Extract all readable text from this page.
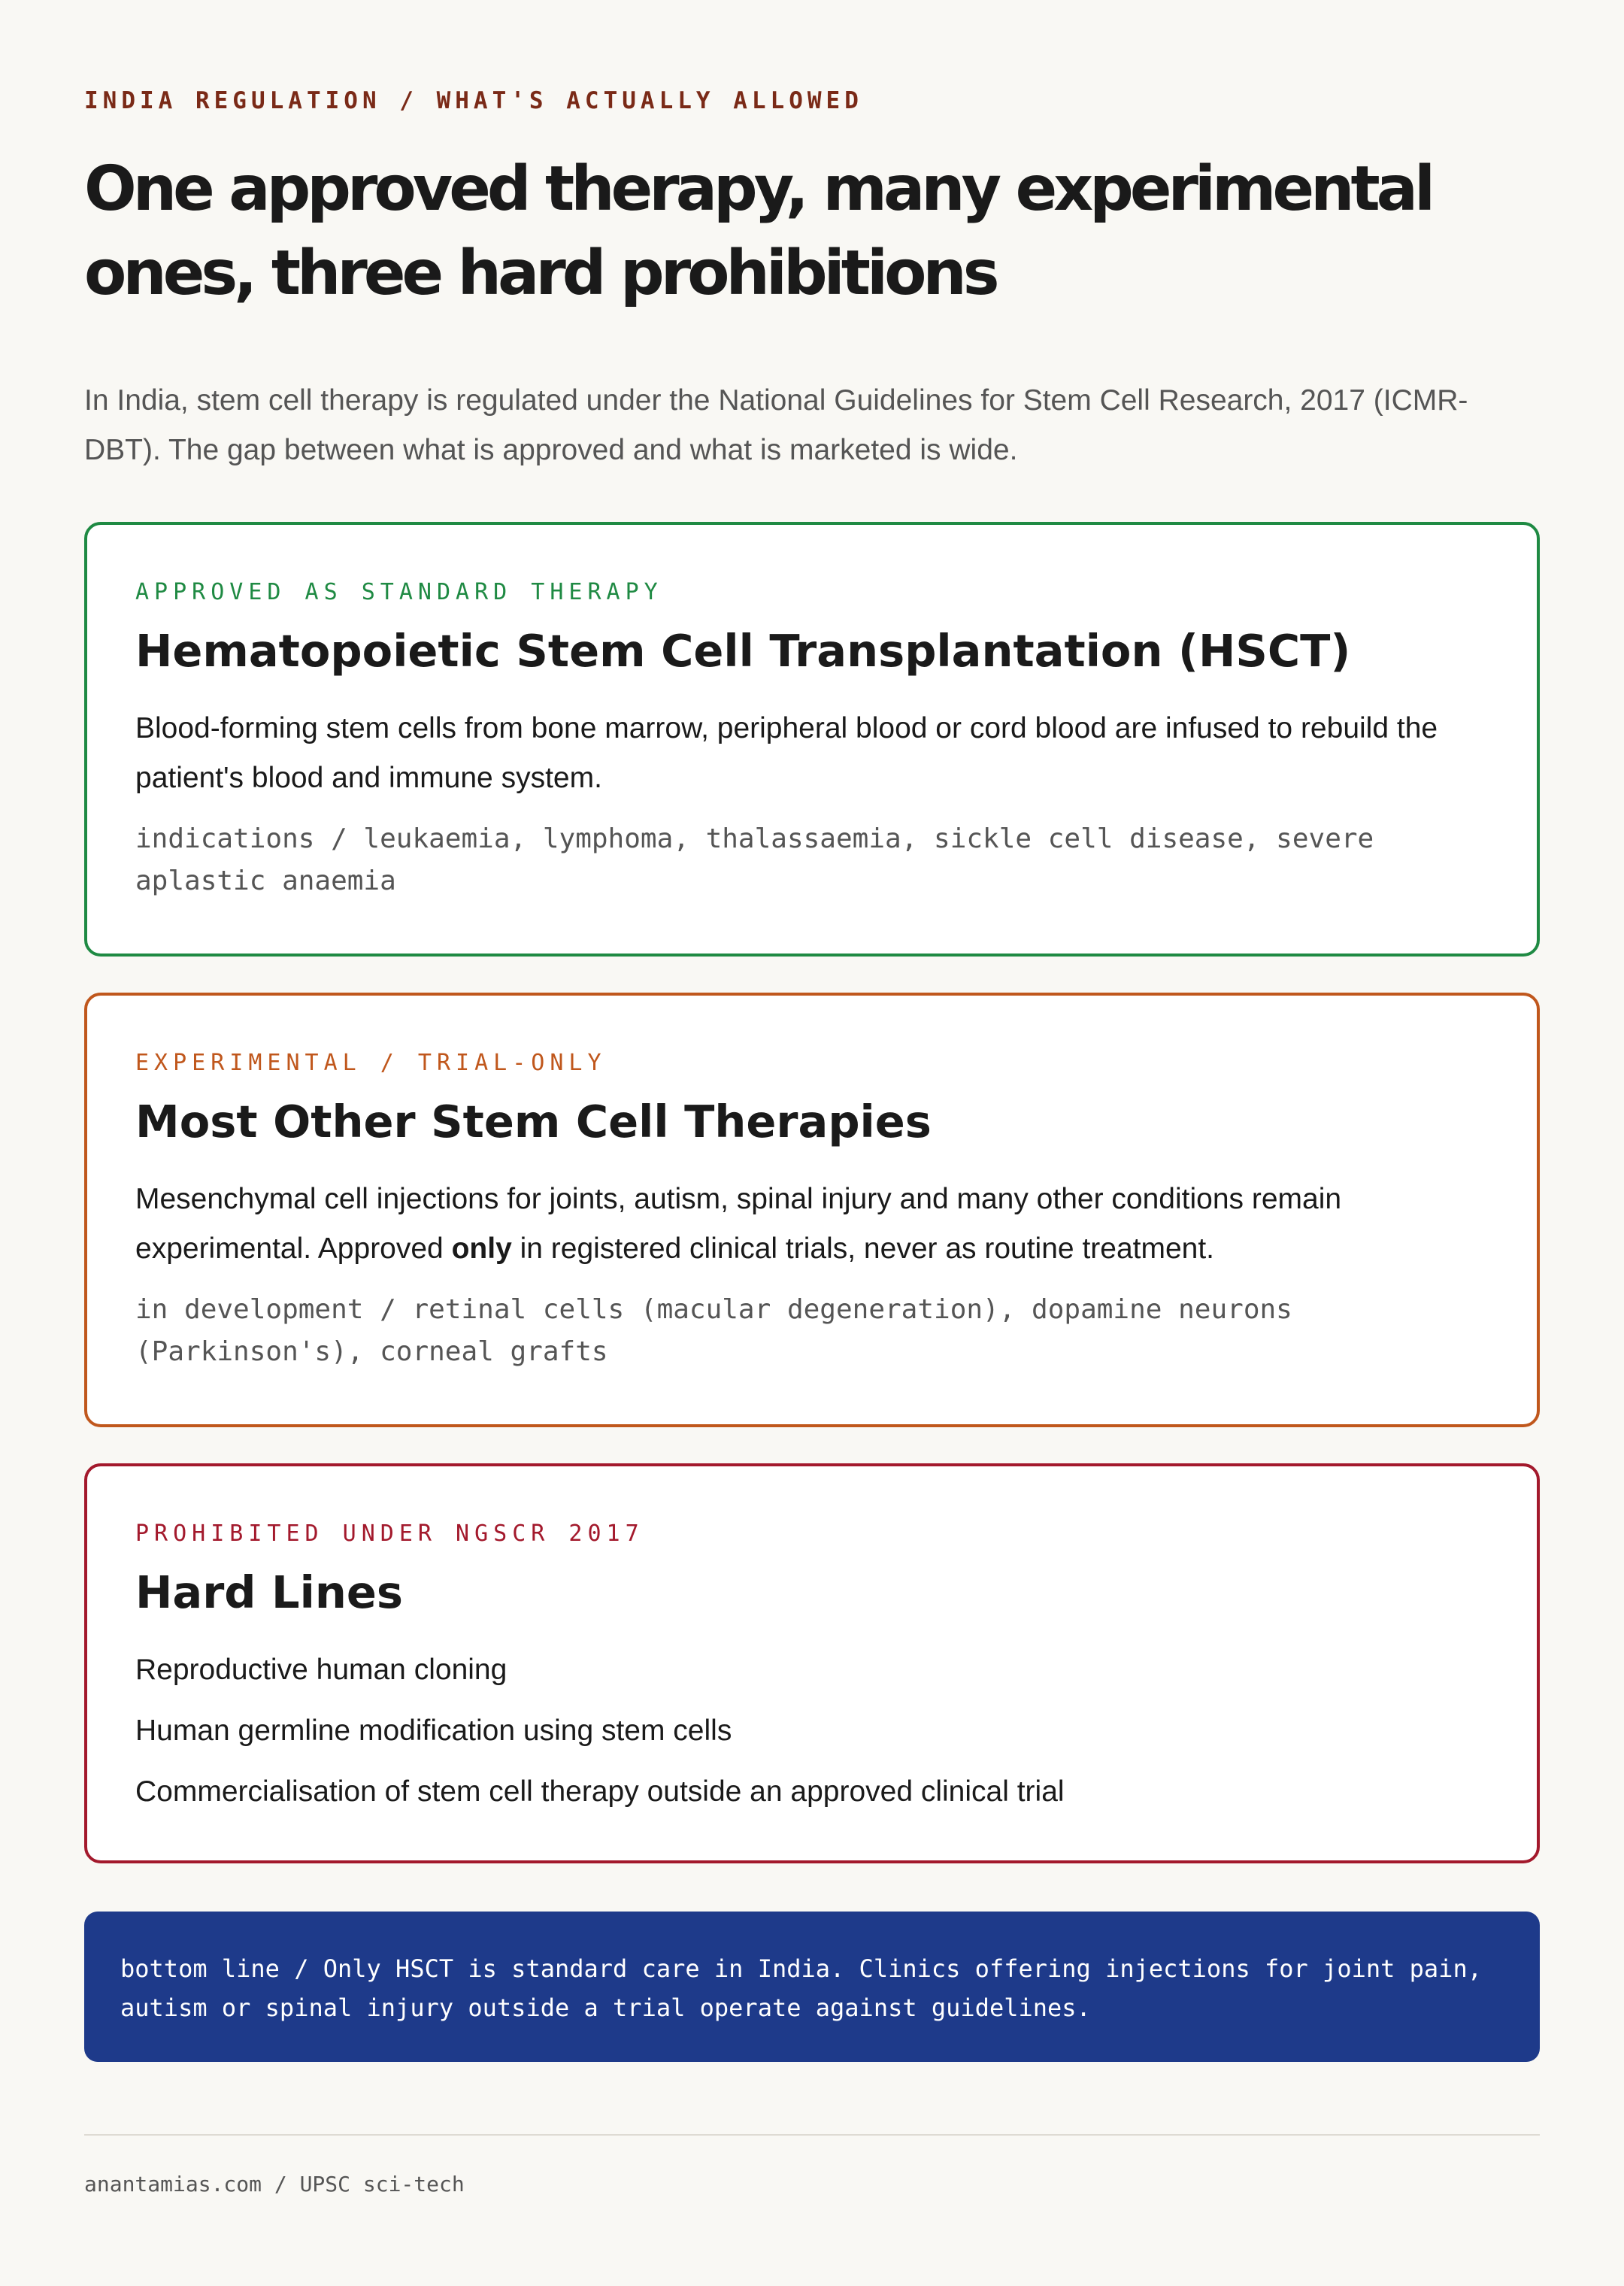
INDIA REGULATION / WHAT'S ACTUALLY ALLOWED
One approved therapy, many experimental ones, three hard prohibitions

In India, stem cell therapy is regulated under the National Guidelines for Stem Cell Research, 2017 (ICMR-DBT). The gap between what is approved and what is marketed is wide.

APPROVED AS STANDARD THERAPY
Hematopoietic Stem Cell Transplantation (HSCT)

Blood-forming stem cells from bone marrow, peripheral blood or cord blood are infused to rebuild the patient's blood and immune system.

indications / leukaemia, lymphoma, thalassaemia, sickle cell disease, severe aplastic anaemia

EXPERIMENTAL / TRIAL-ONLY
Most Other Stem Cell Therapies

Mesenchymal cell injections for joints, autism, spinal injury and many other conditions remain experimental. Approved only in registered clinical trials, never as routine treatment.

in development / retinal cells (macular degeneration), dopamine neurons (Parkinson's), corneal grafts

PROHIBITED UNDER NGSCR 2017
Hard Lines
Reproductive human cloning
Human germline modification using stem cells
Commercialisation of stem cell therapy outside an approved clinical trial

bottom line / Only HSCT is standard care in India. Clinics offering injections for joint pain, autism or spinal injury outside a trial operate against guidelines.

anantamias.com / UPSC sci-tech
